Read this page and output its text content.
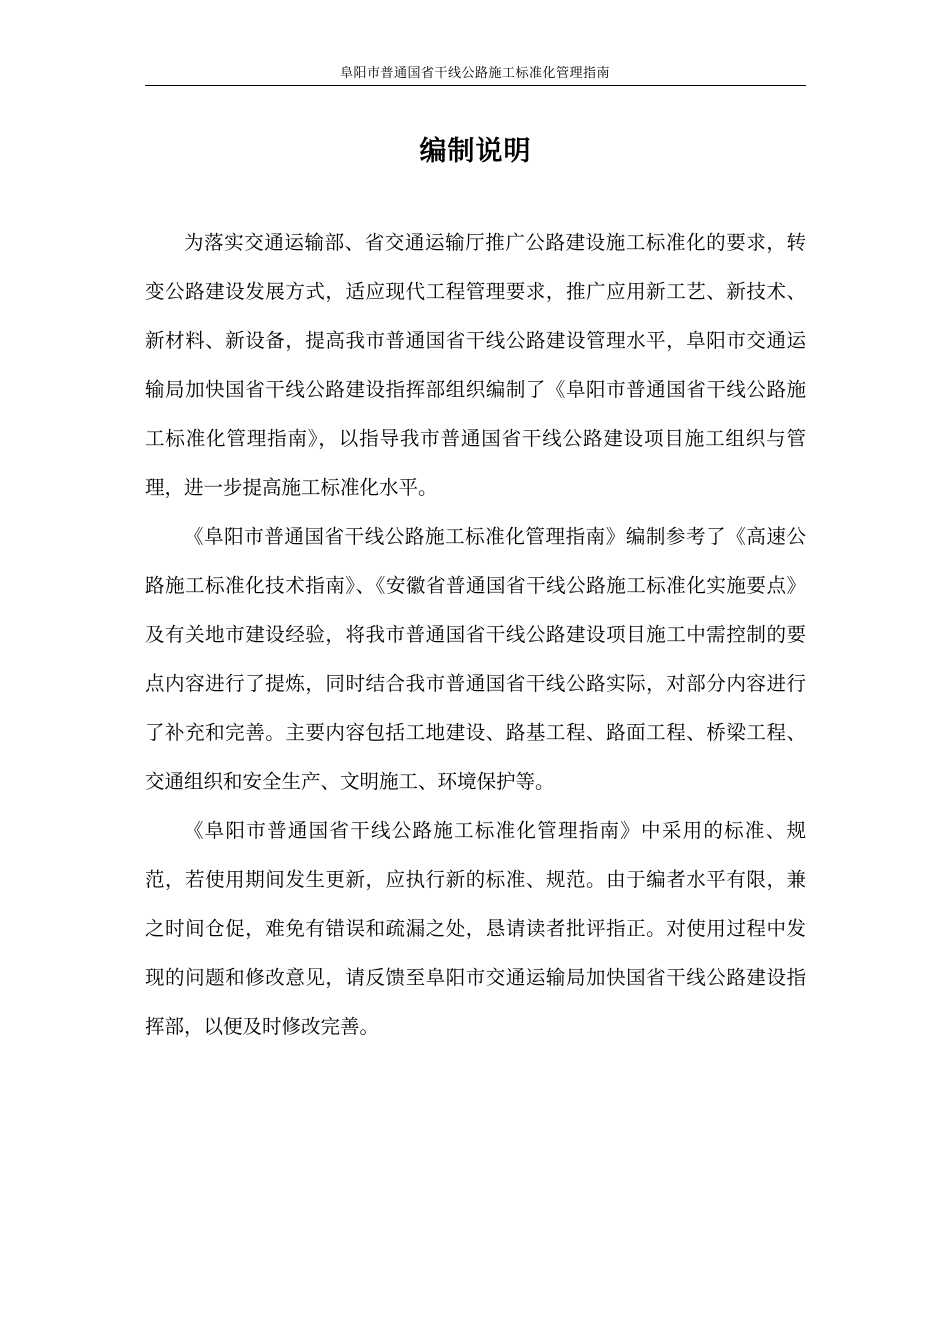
阜阳市普通国省干线公路施工标准化管理指南
编制说明

为落实交通运输部、省交通运输厅推广公路建设施工标准化的要求，转变公路建设发展方式，适应现代工程管理要求，推广应用新工艺、新技术、新材料、新设备，提高我市普通国省干线公路建设管理水平，阜阳市交通运输局加快国省干线公路建设指挥部组织编制了《阜阳市普通国省干线公路施工标准化管理指南》，以指导我市普通国省干线公路建设项目施工组织与管理，进一步提高施工标准化水平。

《阜阳市普通国省干线公路施工标准化管理指南》编制参考了《高速公路施工标准化技术指南》、《安徽省普通国省干线公路施工标准化实施要点》及有关地市建设经验，将我市普通国省干线公路建设项目施工中需控制的要点内容进行了提炼，同时结合我市普通国省干线公路实际，对部分内容进行了补充和完善。主要内容包括工地建设、路基工程、路面工程、桥梁工程、交通组织和安全生产、文明施工、环境保护等。

《阜阳市普通国省干线公路施工标准化管理指南》中采用的标准、规范，若使用期间发生更新，应执行新的标准、规范。由于编者水平有限，兼之时间仓促，难免有错误和疏漏之处，恳请读者批评指正。对使用过程中发现的问题和修改意见，请反馈至阜阳市交通运输局加快国省干线公路建设指挥部，以便及时修改完善。
